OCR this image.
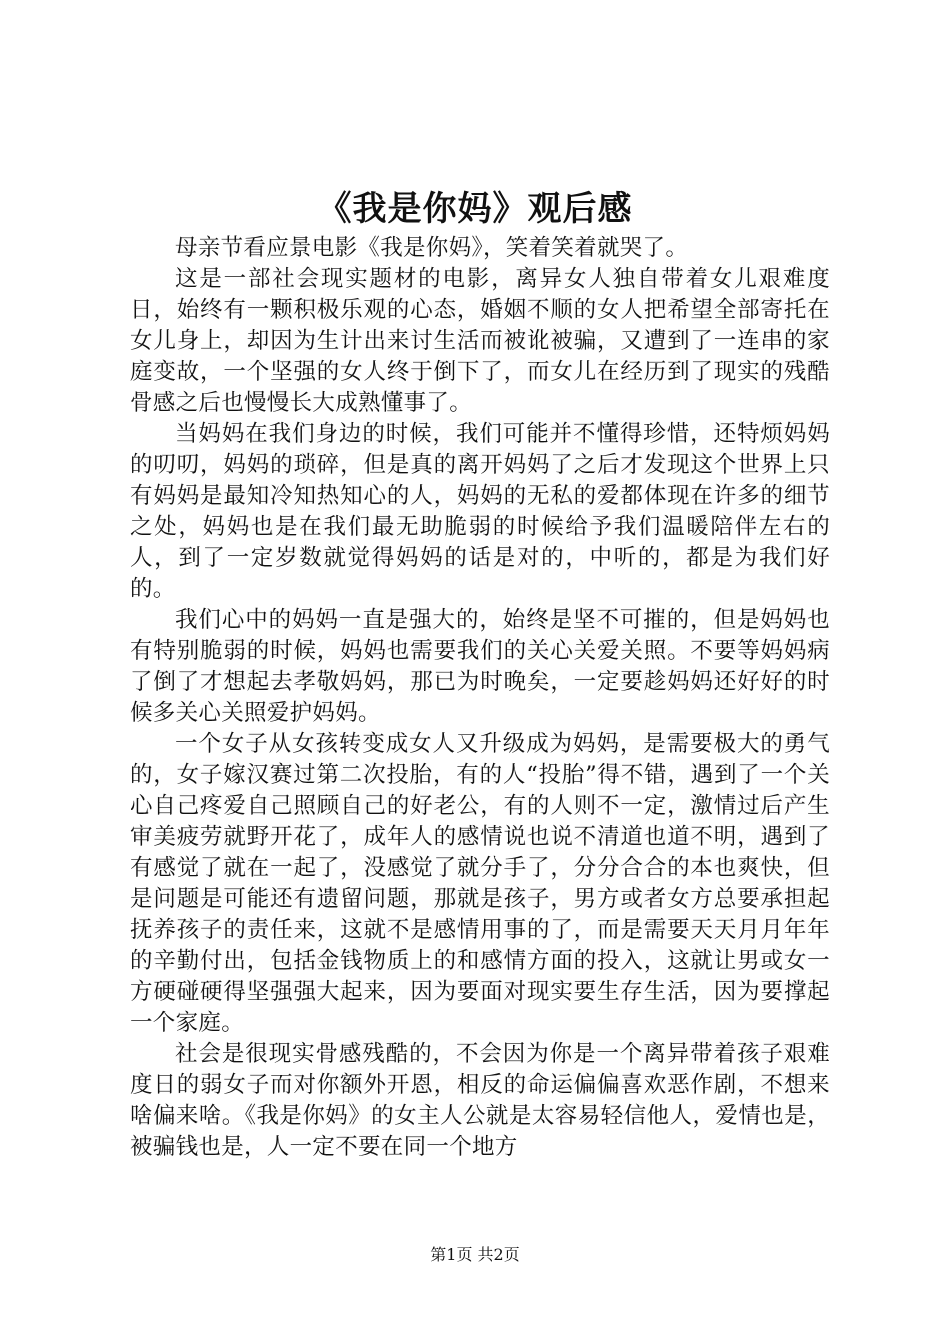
《我是你妈》观后感

母亲节看应景电影《我是你妈》，笑着笑着就哭了。

这是一部社会现实题材的电影，离异女人独自带着女儿艰难度日，始终有一颗积极乐观的心态，婚姻不顺的女人把希望全部寄托在女儿身上，却因为生计出来讨生活而被讹被骗，又遭到了一连串的家庭变故，一个坚强的女人终于倒下了，而女儿在经历到了现实的残酷骨感之后也慢慢长大成熟懂事了。

当妈妈在我们身边的时候，我们可能并不懂得珍惜，还特烦妈妈的叨叨，妈妈的琐碎，但是真的离开妈妈了之后才发现这个世界上只有妈妈是最知冷知热知心的人，妈妈的无私的爱都体现在许多的细节之处，妈妈也是在我们最无助脆弱的时候给予我们温暖陪伴左右的人，到了一定岁数就觉得妈妈的话是对的，中听的，都是为我们好的。

我们心中的妈妈一直是强大的，始终是坚不可摧的，但是妈妈也有特别脆弱的时候，妈妈也需要我们的关心关爱关照。不要等妈妈病了倒了才想起去孝敬妈妈，那已为时晚矣，一定要趁妈妈还好好的时候多关心关照爱护妈妈。

一个女子从女孩转变成女人又升级成为妈妈，是需要极大的勇气的，女子嫁汉赛过第二次投胎，有的人“投胎”得不错，遇到了一个关心自己疼爱自己照顾自己的好老公，有的人则不一定，激情过后产生审美疲劳就野开花了，成年人的感情说也说不清道也道不明，遇到了有感觉了就在一起了，没感觉了就分手了，分分合合的本也爽快，但是问题是可能还有遗留问题，那就是孩子，男方或者女方总要承担起抚养孩子的责任来，这就不是感情用事的了，而是需要天天月月年年的辛勤付出，包括金钱物质上的和感情方面的投入，这就让男或女一方硬碰硬得坚强强大起来，因为要面对现实要生存生活，因为要撑起一个家庭。

社会是很现实骨感残酷的，不会因为你是一个离异带着孩子艰难度日的弱女子而对你额外开恩，相反的命运偏偏喜欢恶作剧，不想来啥偏来啥。《我是你妈》的女主人公就是太容易轻信他人，爱情也是，被骗钱也是，人一定不要在同一个地方

第1页 共2页
